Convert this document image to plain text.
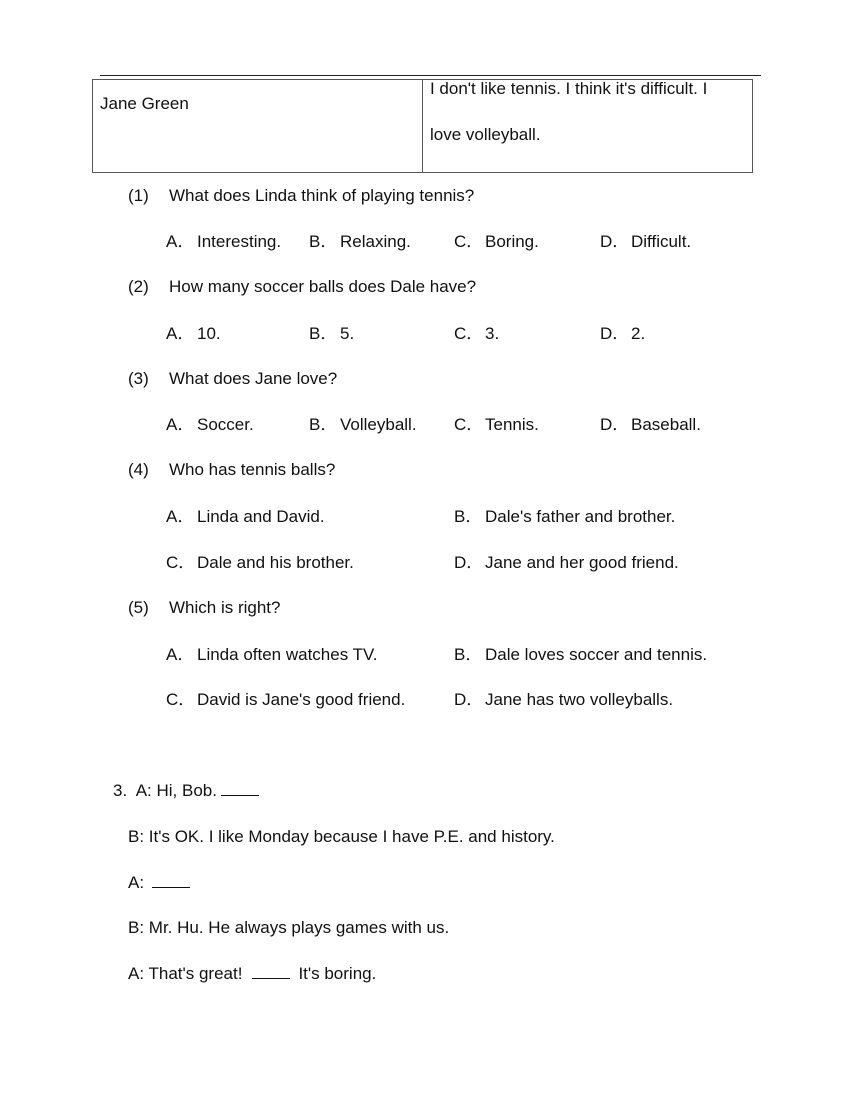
Jane Green
I don't like tennis. I think it's difficult. I
love volleyball.
(1) What does Linda think of playing tennis?
A． Interesting. B． Relaxing.	C． Boring.	D． Difficult.
(2) How many soccer balls does Dale have?
A． 10.	B． 5.	C． 3.	D． 2.
(3) What does Jane love?
A． Soccer.	B． Volleyball. C． Tennis.	D． Baseball.
(4) Who has tennis balls?
A． Linda and David.	B． Dale's father and brother.
C． Dale and his brother.	D． Jane and her good friend.
(5) Which is right?
A． Linda often watches TV.	B． Dale loves soccer and tennis.
C． David is Jane's good friend.	D． Jane has two volleyballs.
3. A: Hi, Bob.
B: It's OK. I like Monday because I have P.E. and history.
A:
B: Mr. Hu. He always plays games with us.
A: That's great!	It's boring.
